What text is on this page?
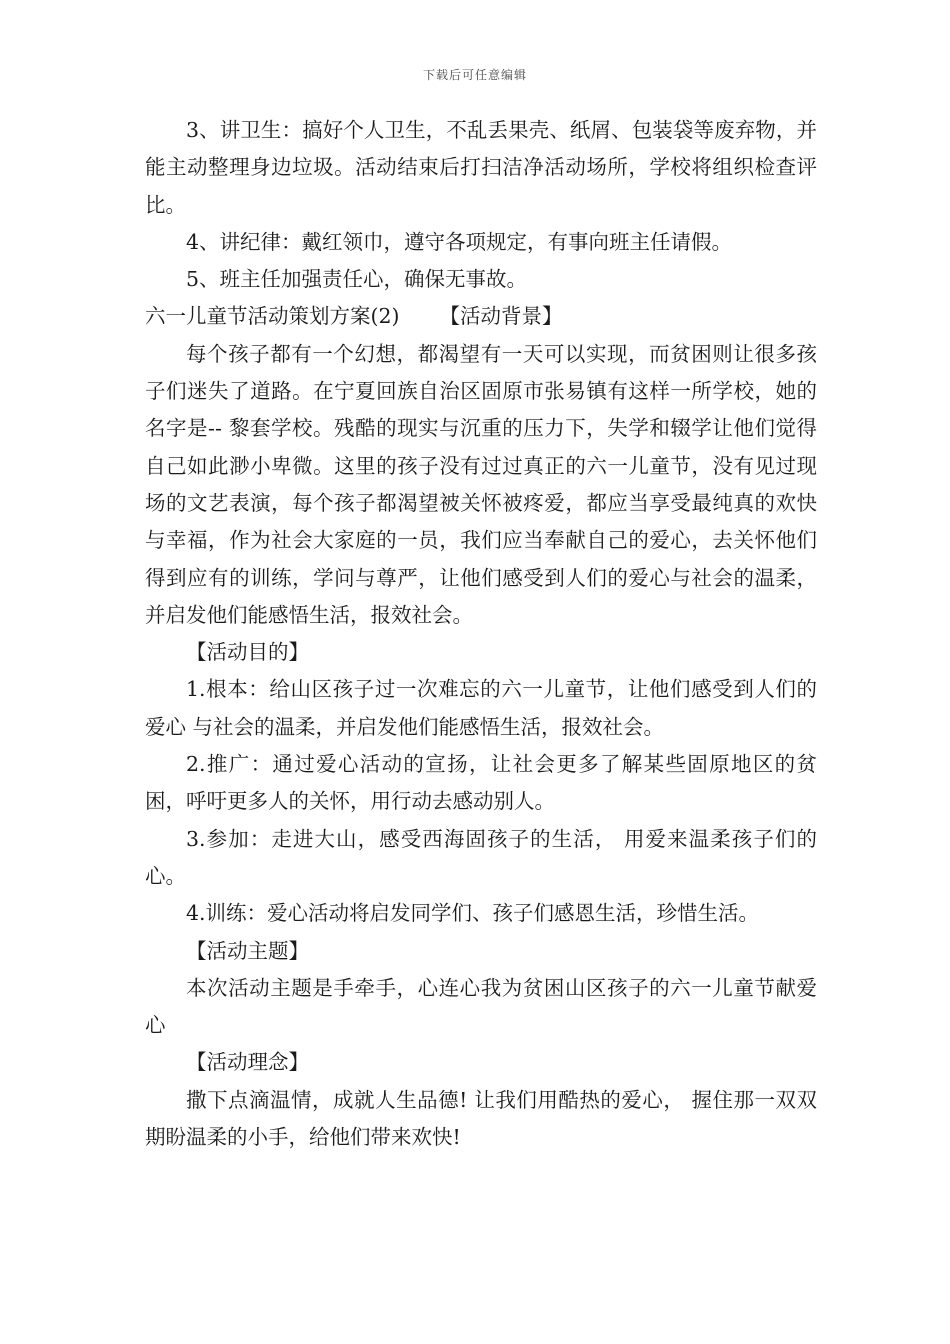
下载后可任意编辑

3、讲卫生：搞好个人卫生，不乱丢果壳、纸屑、包装袋等废弃物，并能主动整理身边垃圾。活动结束后打扫洁净活动场所，学校将组织检查评比。

4、讲纪律：戴红领巾，遵守各项规定，有事向班主任请假。

5、班主任加强责任心，确保无事故。

六一儿童节活动策划方案(2) 【活动背景】

每个孩子都有一个幻想，都渴望有一天可以实现，而贫困则让很多孩子们迷失了道路。在宁夏回族自治区固原市张易镇有这样一所学校，她的名字是-- 黎套学校。残酷的现实与沉重的压力下，失学和辍学让他们觉得自己如此渺小卑微。这里的孩子没有过过真正的六一儿童节，没有见过现场的文艺表演，每个孩子都渴望被关怀被疼爱，都应当享受最纯真的欢快与幸福，作为社会大家庭的一员，我们应当奉献自己的爱心，去关怀他们得到应有的训练，学问与尊严，让他们感受到人们的爱心与社会的温柔，并启发他们能感悟生活，报效社会。

【活动目的】

1.根本：给山区孩子过一次难忘的六一儿童节，让他们感受到人们的爱心 与社会的温柔，并启发他们能感悟生活，报效社会。

2.推广：通过爱心活动的宣扬，让社会更多了解某些固原地区的贫困，呼吁更多人的关怀，用行动去感动别人。

3.参加：走进大山，感受西海固孩子的生活， 用爱来温柔孩子们的心。

4.训练：爱心活动将启发同学们、孩子们感恩生活，珍惜生活。

【活动主题】

本次活动主题是手牵手，心连心我为贫困山区孩子的六一儿童节献爱心

【活动理念】

撒下点滴温情，成就人生品德! 让我们用酷热的爱心， 握住那一双双期盼温柔的小手，给他们带来欢快!
